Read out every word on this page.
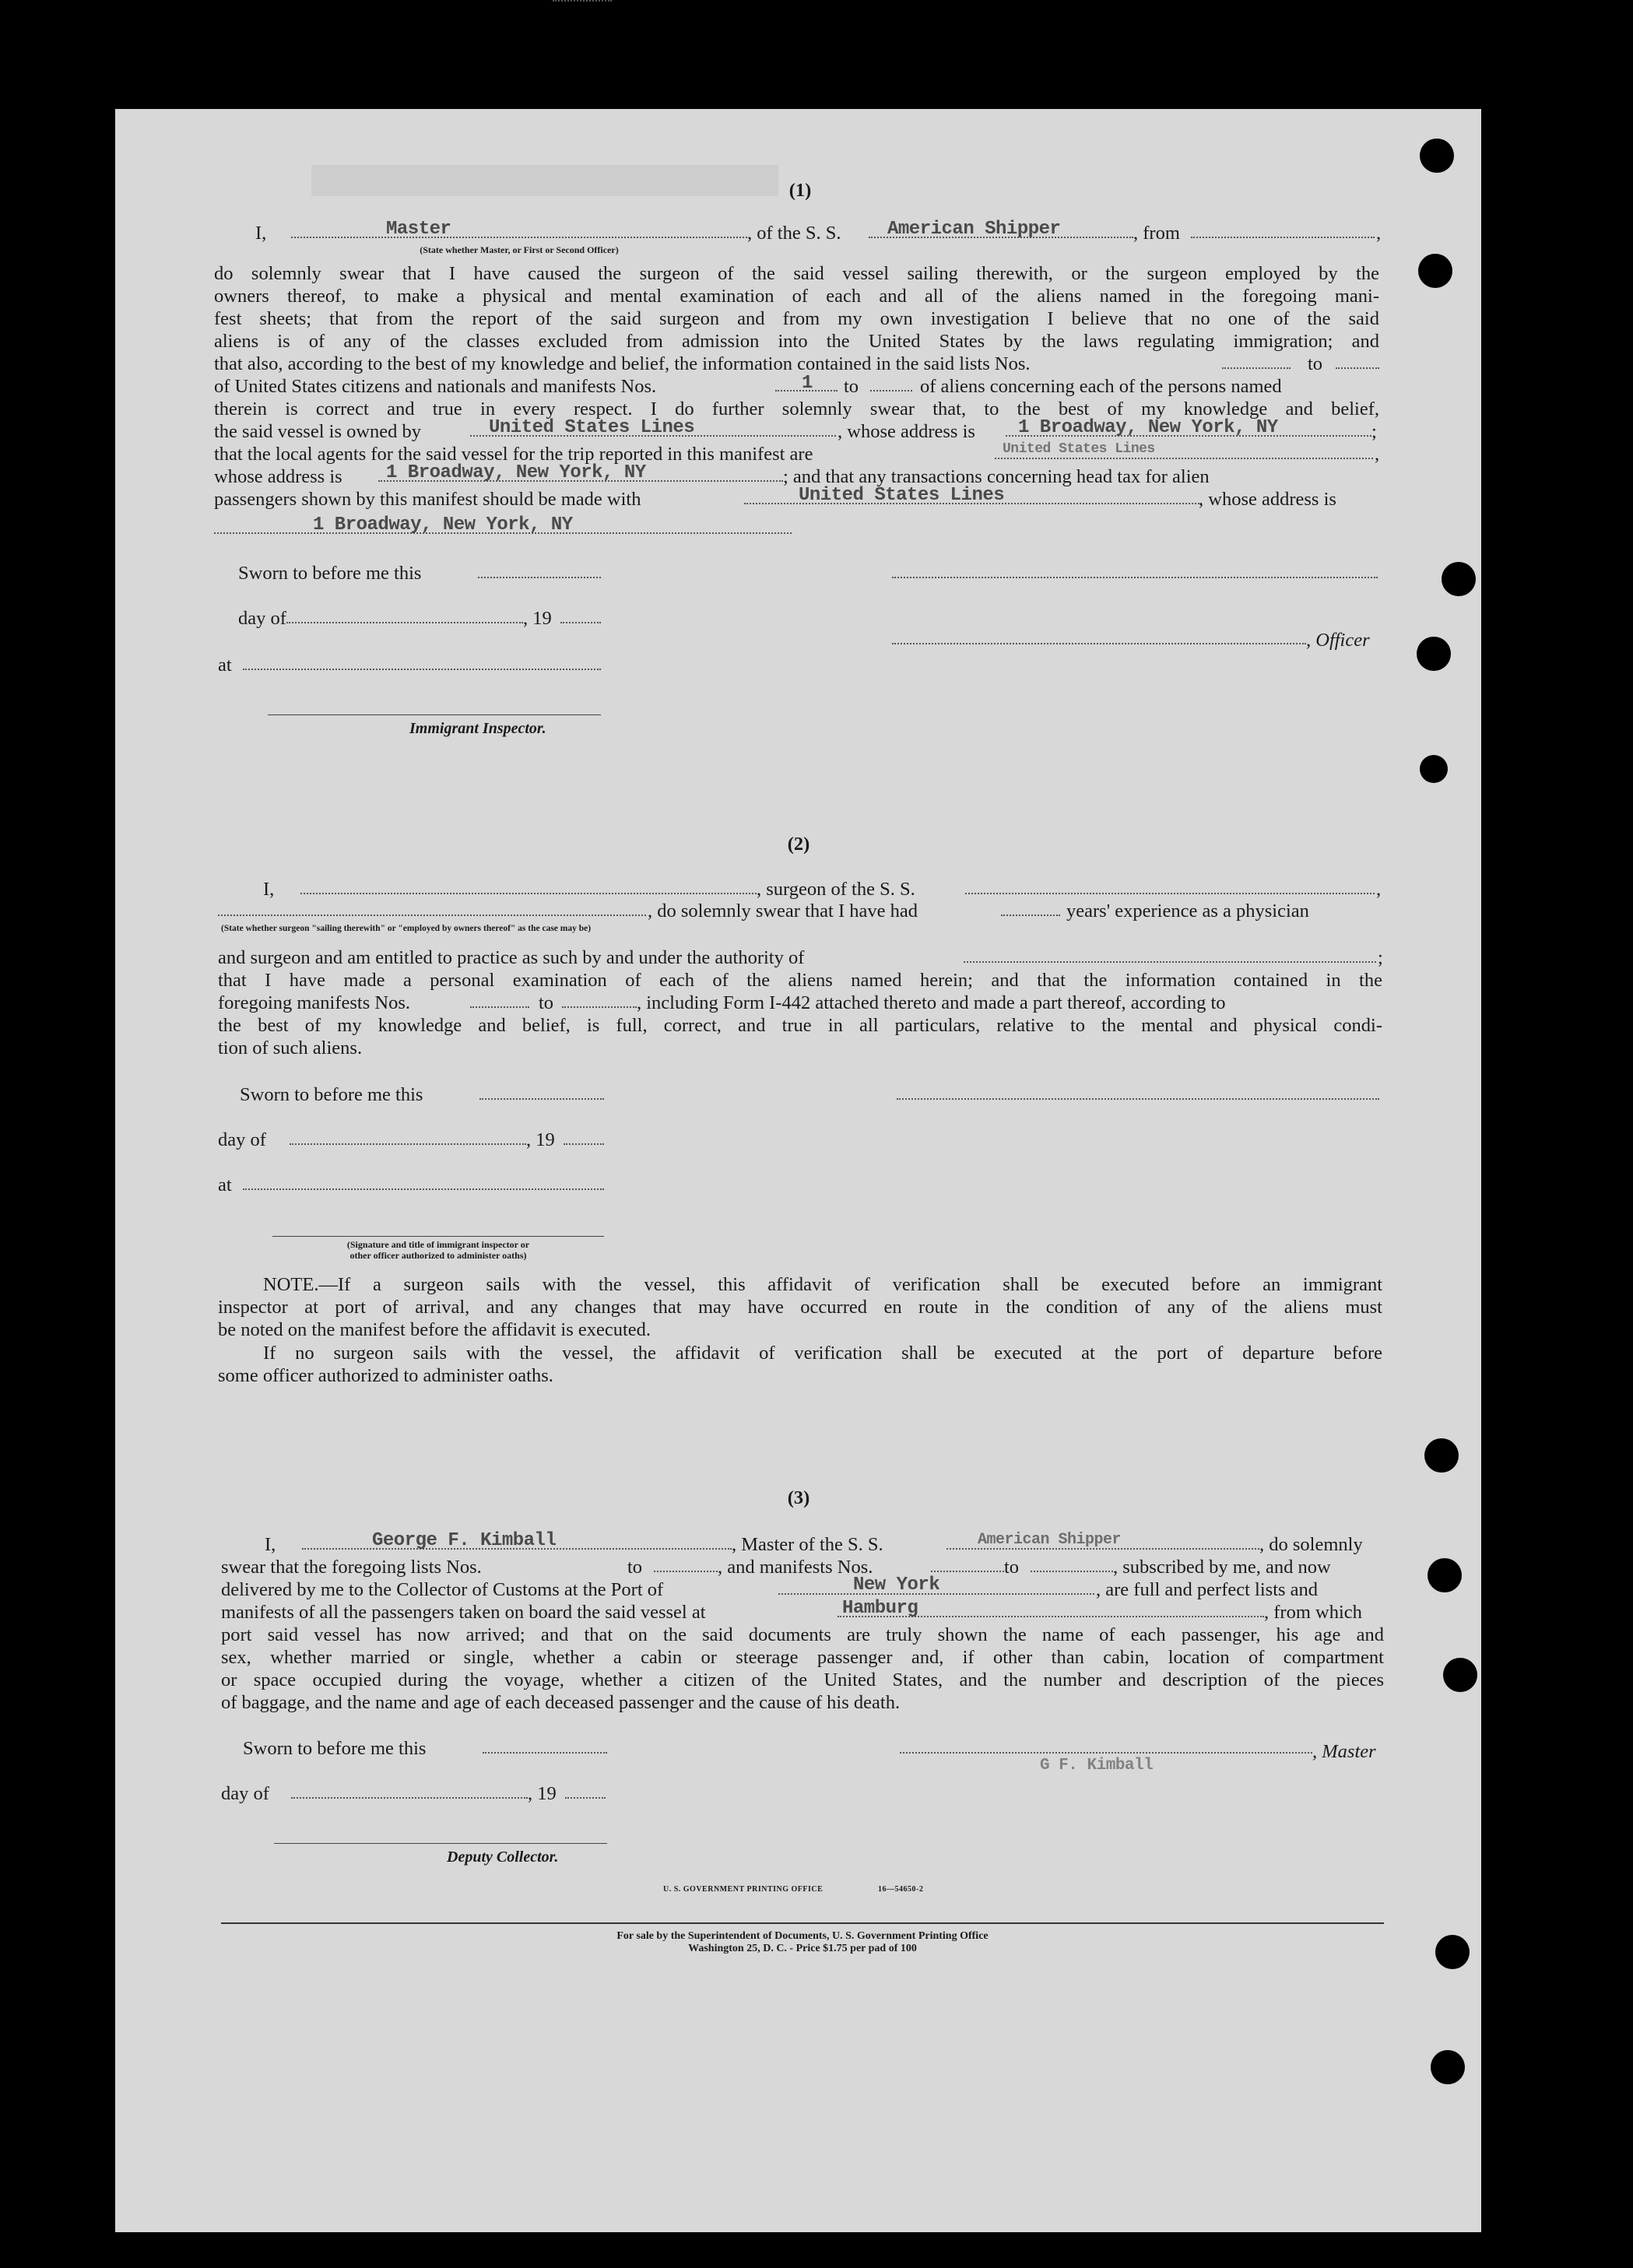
(1)
I,	Master
(State whether Master, or First or Second Officer)
, of the S. S. American Shipper	, from	,
do solemnly swear that I have caused the surgeon of the said vessel sailing therewith, or the surgeon employed by the
owners thereof, to make a physical and mental examination of each and all of the aliens named in the foregoing mani-
fest sheets; that from the report of the said surgeon and from my own investigation I believe that no one of the said
aliens is of any of the classes excluded from admission into the United States by the laws regulating immigration; and
that also, according to the best of my knowledge and belief, the information contained in the said lists Nos.	to
of United States citizens and nationals and manifests Nos.	1 to	of aliens concerning each of the persons named
therein is correct and true in every respect. I do further solemnly swear that, to the best of my knowledge and belief,
the said vessel is owned by	United States Lines	, whose address is 1 Broadway, New York, NY	;
that the local agents for the said vessel for the trip reported in this manifest are	United States Lines	,
whose address is 1 Broadway, New York, NY	; and that any transactions concerning head tax for alien
passengers shown by this manifest should be made with	United States Lines	, whose address is
1 Broadway, New York, NY
Sworn to before me this
day of	, 19
, Officer
at
Immigrant Inspector.
(2)
I,	, surgeon of the S. S.	,
, do solemnly swear that I have had	years' experience as a physician
(State whether surgeon "sailing therewith" or "employed by owners thereof" as the case may be)
and surgeon and am entitled to practice as such by and under the authority of	;
that I have made a personal examination of each of the aliens named herein; and that the information contained in the
foregoing manifests Nos.	to	, including Form I-442 attached thereto and made a part thereof, according to
the best of my knowledge and belief, is full, correct, and true in all particulars, relative to the mental and physical condi-
tion of such aliens.
Sworn to before me this
day of	, 19
at
(Signature and title of immigrant inspector or
other officer authorized to administer oaths)
NOTE.—If a surgeon sails with the vessel, this affidavit of verification shall be executed before an immigrant
inspector at port of arrival, and any changes that may have occurred en route in the condition of any of the aliens must
be noted on the manifest before the affidavit is executed.
If no surgeon sails with the vessel, the affidavit of verification shall be executed at the port of departure before
some officer authorized to administer oaths.
(3)
I,	George F. Kimball	, Master of the S. S.	American Shipper	, do solemnly
swear that the foregoing lists Nos.	to	, and manifests Nos.	to	, subscribed by me, and now
delivered by me to the Collector of Customs at the Port of	New York	, are full and perfect lists and
manifests of all the passengers taken on board the said vessel at	Hamburg	, from which
port said vessel has now arrived; and that on the said documents are truly shown the name of each passenger, his age and
sex, whether married or single, whether a cabin or steerage passenger and, if other than cabin, location of compartment
or space occupied during the voyage, whether a citizen of the United States, and the number and description of the pieces
of baggage, and the name and age of each deceased passenger and the cause of his death.
Sworn to before me this	, Master
G F. Kimball
day of	, 19
Deputy Collector.
U. S. GOVERNMENT PRINTING OFFICE	16—54650-2
For sale by the Superintendent of Documents, U. S. Government Printing Office
Washington 25, D. C. - Price $1.75 per pad of 100
